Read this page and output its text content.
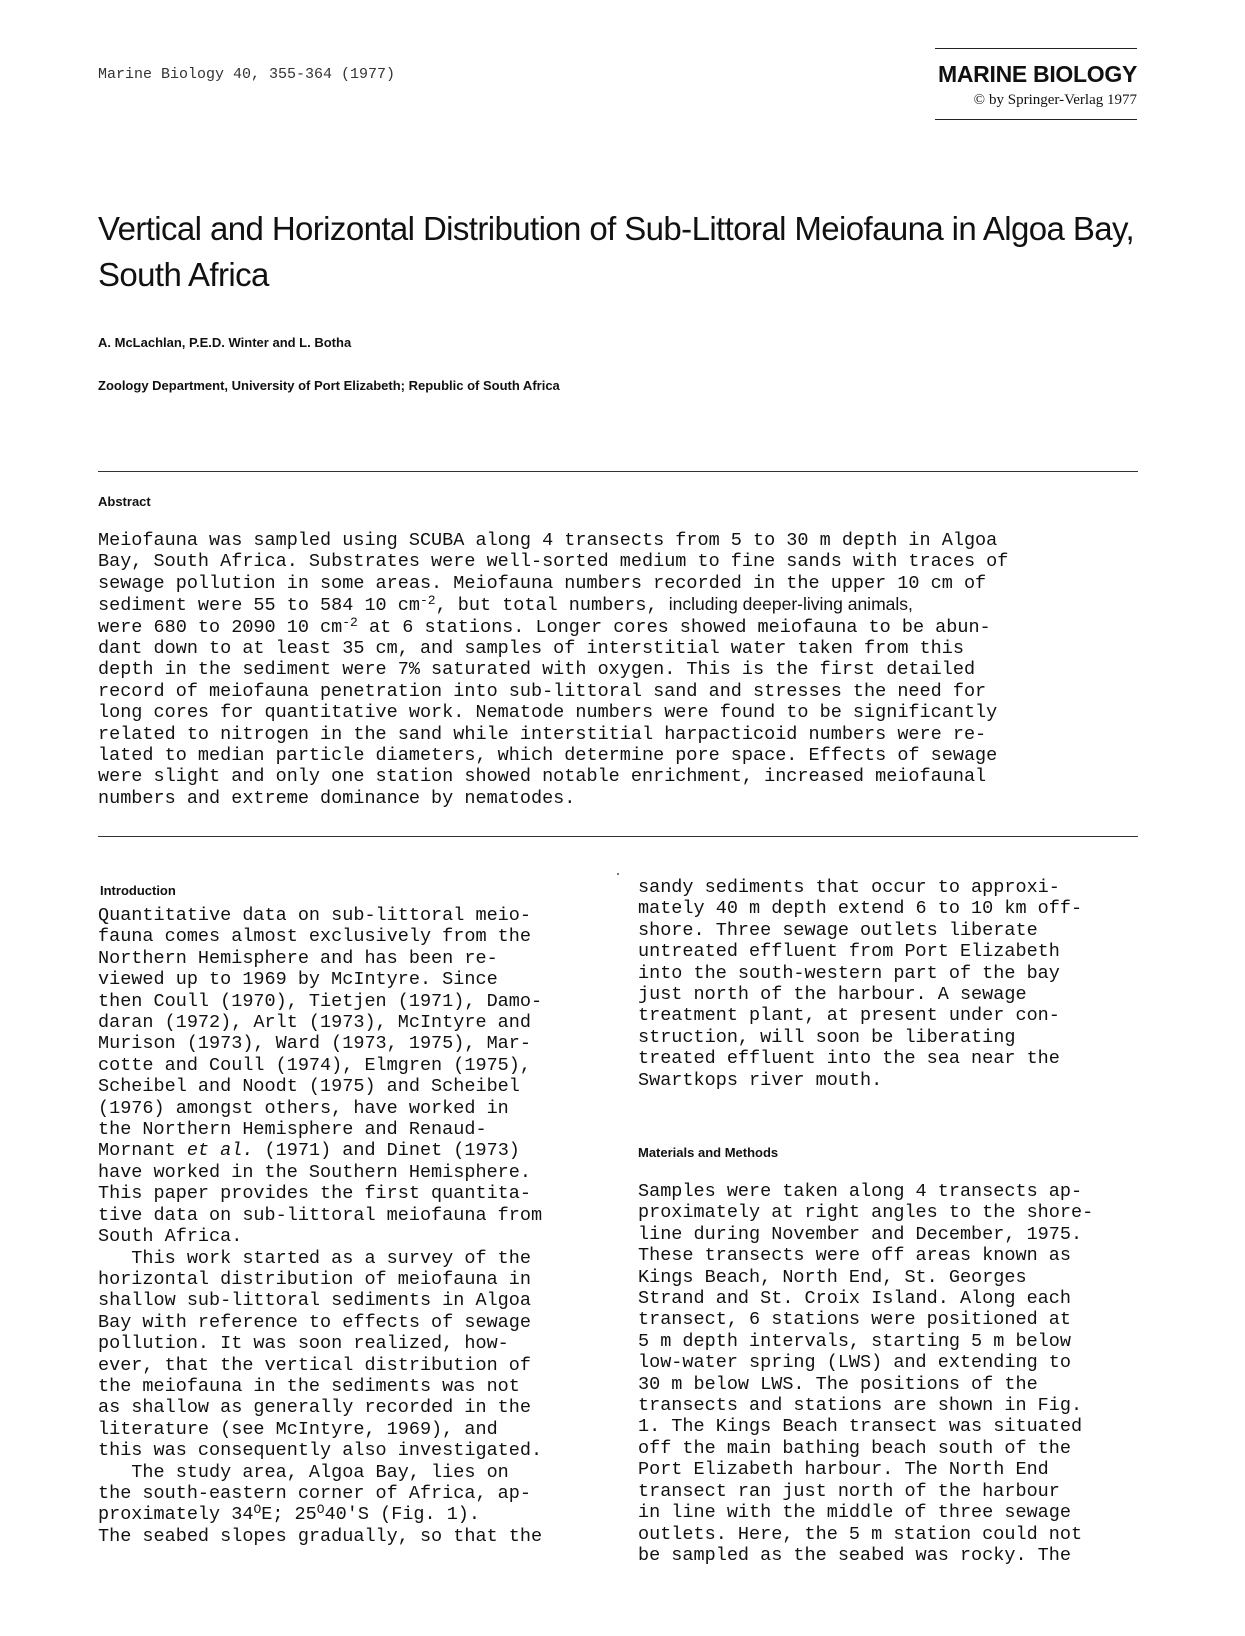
Marine Biology 40, 355-364 (1977)	MARINE BIOLOGY
© by Springer-Verlag 1977
Vertical and Horizontal Distribution of Sub-Littoral Meiofauna in Algoa Bay, South Africa
A. McLachlan, P.E.D. Winter and L. Botha
Zoology Department, University of Port Elizabeth; Republic of South Africa
Abstract
Meiofauna was sampled using SCUBA along 4 transects from 5 to 30 m depth in Algoa
Bay, South Africa. Substrates were well-sorted medium to fine sands with traces of
sewage pollution in some areas. Meiofauna numbers recorded in the upper 10 cm of
sediment were 55 to 584 10 $cm^{-2}$, but total numbers, including deeper-living animals,
were 680 to 2090 10 $cm^{-2}$ at 6 stations. Longer cores showed meiofauna to be abun-
dant down to at least 35 cm, and samples of interstitial water taken from this
depth in the sediment were 7% saturated with oxygen. This is the first detailed
record of meiofauna penetration into sub-littoral sand and stresses the need for
long cores for quantitative work. Nematode numbers were found to be significantly
related to nitrogen in the sand while interstitial harpacticoid numbers were re-
lated to median particle diameters, which determine pore space. Effects of sewage
were slight and only one station showed notable enrichment, increased meiofaunal
numbers and extreme dominance by nematodes.
Introduction
Quantitative data on sub-littoral meio-
fauna comes almost exclusively from the
Northern Hemisphere and has been re-
viewed up to 1969 by McIntyre. Since
then Coull (1970), Tietjen (1971), Damo-
daran (1972), Arlt (1973), McIntyre and
Murison (1973), Ward (1973, 1975), Mar-
cotte and Coull (1974), Elmgren (1975),
Scheibel and Noodt (1975) and Scheibel
(1976) amongst others, have worked in
the Northern Hemisphere and Renaud-
Mornant et al. (1971) and Dinet (1973)
have worked in the Southern Hemisphere.
This paper provides the first quantita-
tive data on sub-littoral meiofauna from
South Africa.
This work started as a survey of the
horizontal distribution of meiofauna in
shallow sub-littoral sediments in Algoa
Bay with reference to effects of sewage
pollution. It was soon realized, how-
ever, that the vertical distribution of
the meiofauna in the sediments was not
as shallow as generally recorded in the
literature (see McIntyre, 1969), and
this was consequently also investigated.
The study area, Algoa Bay, lies on
the south-eastern corner of Africa, ap-
proximately $34^OE$; $25^O40'S$ (Fig. 1).
The seabed slopes gradually, so that the
sandy sediments that occur to approxi-
mately 40 m depth extend 6 to 10 km off-
shore. Three sewage outlets liberate
untreated effluent from Port Elizabeth
into the south-western part of the bay
just north of the harbour. A sewage
treatment plant, at present under con-
struction, will soon be liberating
treated effluent into the sea near the
Swartkops river mouth.
Materials and Methods
Samples were taken along 4 transects ap-
proximately at right angles to the shore-
line during November and December, 1975.
These transects were off areas known as
Kings Beach, North End, St. Georges
Strand and St. Croix Island. Along each
transect, 6 stations were positioned at
5 m depth intervals, starting 5 m below
low-water spring (LWS) and extending to
30 m below LWS. The positions of the
transects and stations are shown in Fig.
1. The Kings Beach transect was situated
off the main bathing beach south of the
Port Elizabeth harbour. The North End
transect ran just north of the harbour
in line with the middle of three sewage
outlets. Here, the 5 m station could not
be sampled as the seabed was rocky. The
